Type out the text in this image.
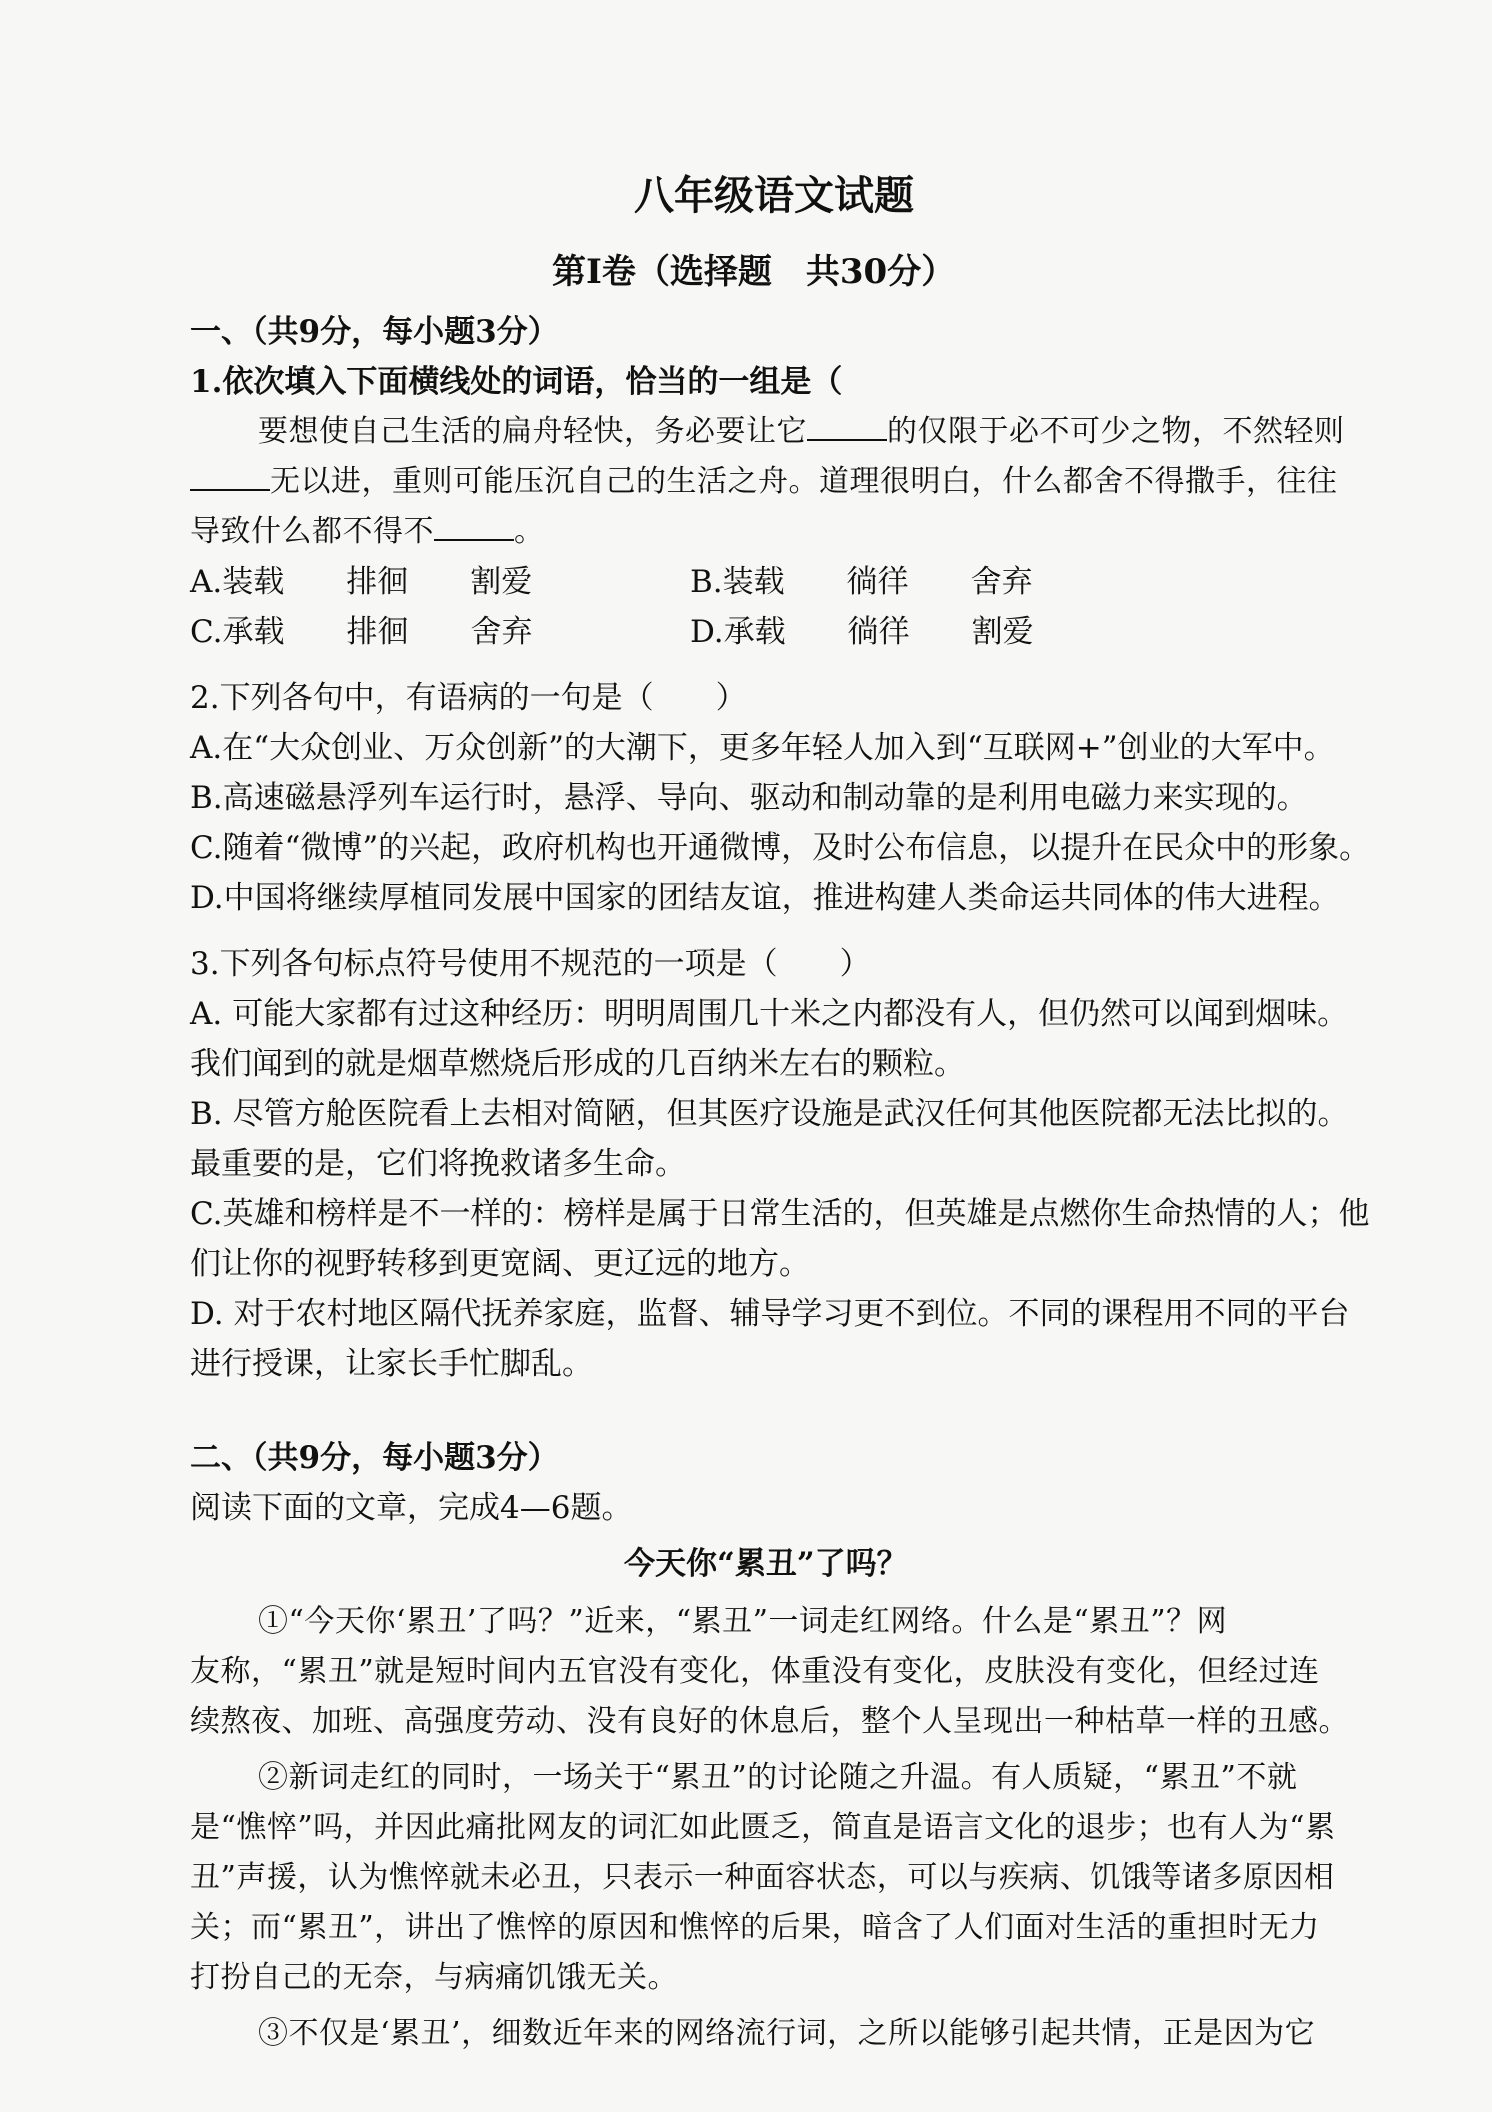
八年级语文试题
第Ⅰ卷（选择题　共30分）
一、（共9分，每小题3分）
1.依次填入下面横线处的词语，恰当的一组是（
要想使自己生活的扁舟轻快，务必要让它	的仅限于必不可少之物，不然轻则
无以进，重则可能压沉自己的生活之舟。道理很明白，什么都舍不得撒手，往往
导致什么都不得不	。
A.装载　　排徊　　割爱	B.装载　　徜徉　　舍弃
C.承载　　排徊　　舍弃	D.承载　　徜徉　　割爱
2.下列各句中，有语病的一句是（　　）
A.在“大众创业、万众创新”的大潮下，更多年轻人加入到“互联网+”创业的大军中。
B.高速磁悬浮列车运行时，悬浮、导向、驱动和制动靠的是利用电磁力来实现的。
C.随着“微博”的兴起，政府机构也开通微博，及时公布信息，以提升在民众中的形象。
D.中国将继续厚植同发展中国家的团结友谊，推进构建人类命运共同体的伟大进程。
3.下列各句标点符号使用不规范的一项是（　　）
A. 可能大家都有过这种经历：明明周围几十米之内都没有人，但仍然可以闻到烟味。
我们闻到的就是烟草燃烧后形成的几百纳米左右的颗粒。
B. 尽管方舱医院看上去相对简陋，但其医疗设施是武汉任何其他医院都无法比拟的。
最重要的是，它们将挽救诸多生命。
C.英雄和榜样是不一样的：榜样是属于日常生活的，但英雄是点燃你生命热情的人；他
们让你的视野转移到更宽阔、更辽远的地方。
D. 对于农村地区隔代抚养家庭，监督、辅导学习更不到位。不同的课程用不同的平台
进行授课，让家长手忙脚乱。
二、（共9分，每小题3分）
阅读下面的文章，完成4—6题。
今天你“累丑”了吗？
①“今天你‘累丑’了吗？”近来，“累丑”一词走红网络。什么是“累丑”？网
友称，“累丑”就是短时间内五官没有变化，体重没有变化，皮肤没有变化，但经过连
续熬夜、加班、高强度劳动、没有良好的休息后，整个人呈现出一种枯草一样的丑感。
②新词走红的同时，一场关于“累丑”的讨论随之升温。有人质疑，“累丑”不就
是“憔悴”吗，并因此痛批网友的词汇如此匮乏，简直是语言文化的退步；也有人为“累
丑”声援，认为憔悴就未必丑，只表示一种面容状态，可以与疾病、饥饿等诸多原因相
关；而“累丑”，讲出了憔悴的原因和憔悴的后果，暗含了人们面对生活的重担时无力
打扮自己的无奈，与病痛饥饿无关。
③不仅是‘累丑’，细数近年来的网络流行词，之所以能够引起共情，正是因为它
